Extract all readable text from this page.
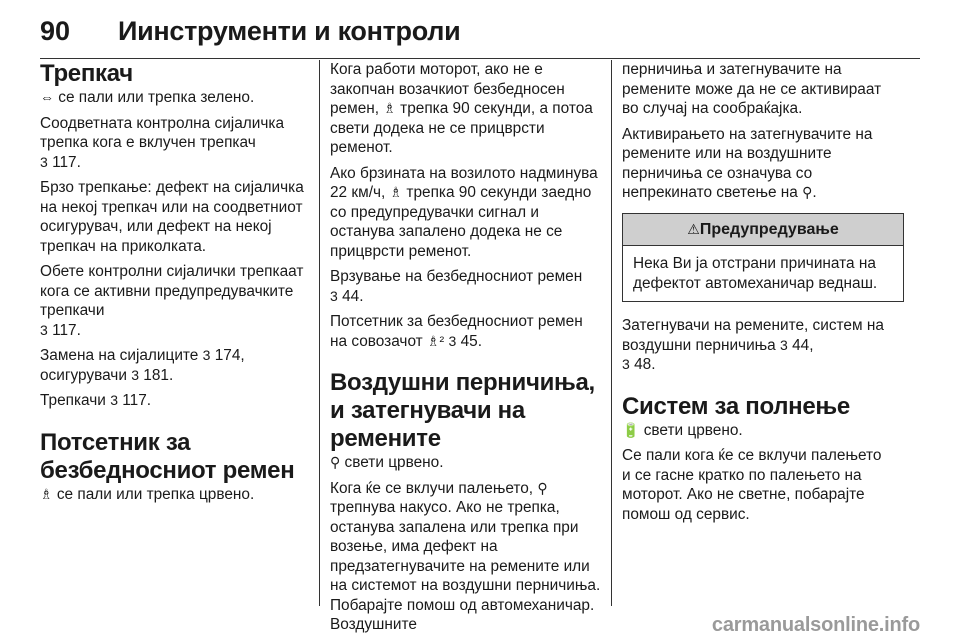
90	Иинструменти и контроли
Трепкач

⇔ се пали или трепка зелено.

Соодветната контролна сијаличка трепка кога е вклучен трепкач
3 117.

Брзо трепкање: дефект на сијаличка на некој трепкач или на соодветниот осигурувач, или дефект на некој трепкач на приколката.

Обете контролни сијалички трепкаат кога се активни предупредувачките трепкачи
3 117.

Замена на сијалиците 3 174,
осигурувачи 3 181.

Трепкачи 3 117.

Потсетник за безбедносниот ремен

♗ се пали или трепка црвено.

Кога работи моторот, ако не е закопчан возачкиот безбедносен ремен, ♗ трепка 90 секунди, а потоа свети додека не се прицврсти ременот.

Ако брзината на возилото надминува 22 км/ч, ♗ трепка 90 секунди заедно со предупредувачки сигнал и останува запалено додека не се прицврсти ременот.

Врзување на безбедносниот ремен
3 44.

Потсетник за безбедносниот ремен на совозачот ♗² 3 45.

Воздушни перничиња, и затегнувачи на ремените

⚲ свети црвено.

Кога ќе се вклучи палењето, ⚲ трепнува накусо. Ако не трепка, останува запалена или трепка при возење, има дефект на предзатегнувачите на ремените или на системот на воздушни перничиња. Побарајте помош од автомеханичар. Воздушните

перничиња и затегнувачите на ремените може да не се активираат во случај на сообраќајка.

Активирањето на затегнувачите на ремените или на воздушните перничиња се означува со непрекинато светење на ⚲.

⚠Предупредување
Нека Ви ја отстрани причината на дефектот автомеханичар веднаш.

Затегнувачи на ремените, систем на воздушни перничиња 3 44,
3 48.

Систем за полнење

🔋 свети црвено.

Се пали кога ќе се вклучи палењето и се гасне кратко по палењето на моторот. Ако не светне, побарајте помош од сервис.

carmanualsonline.info
